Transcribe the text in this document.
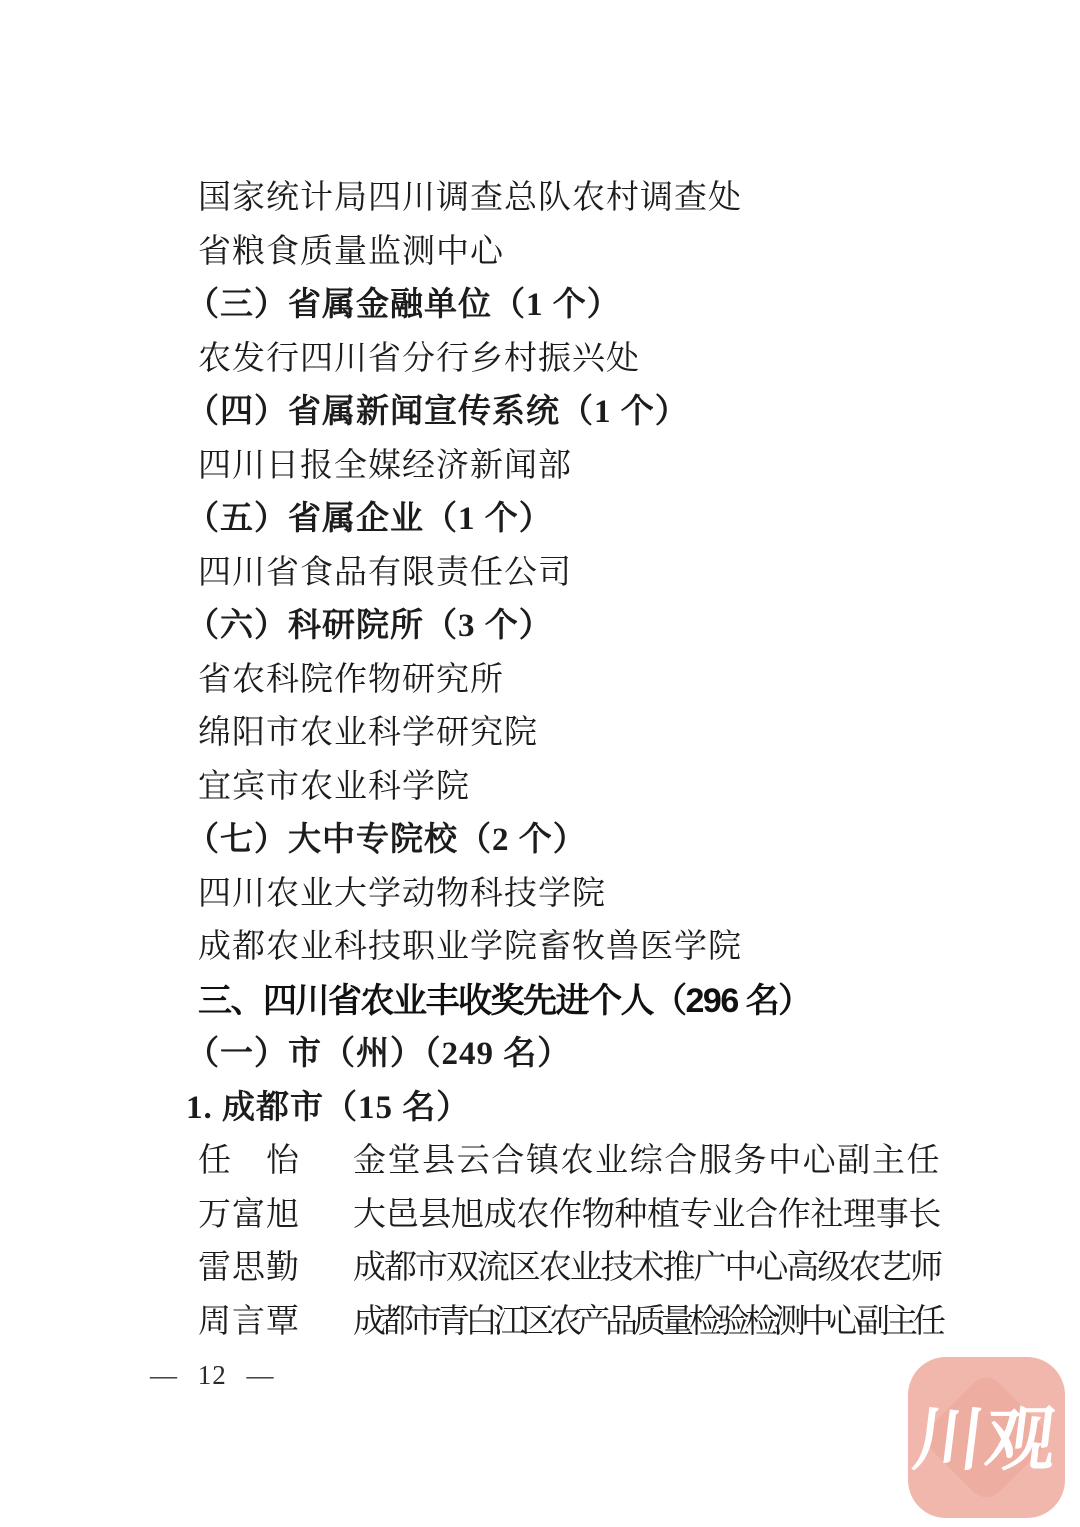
国家统计局四川调查总队农村调查处
省粮食质量监测中心
（三）省属金融单位（1 个）
农发行四川省分行乡村振兴处
（四）省属新闻宣传系统（1 个）
四川日报全媒经济新闻部
（五）省属企业（1 个）
四川省食品有限责任公司
（六）科研院所（3 个）
省农科院作物研究所
绵阳市农业科学研究院
宜宾市农业科学院
（七）大中专院校（2 个）
四川农业大学动物科技学院
成都农业科技职业学院畜牧兽医学院
三、四川省农业丰收奖先进个人（296 名）
（一）市（州）（249 名）
1. 成都市（15 名）
任 怡 金堂县云合镇农业综合服务中心副主任
万 富 旭 大邑县旭成农作物种植专业合作社理事长
雷 思 勤 成都市双流区农业技术推广中心高级农艺师
周 言 覃 成都市青白江区农产品质量检验检测中心副主任
— 12 —
川观
